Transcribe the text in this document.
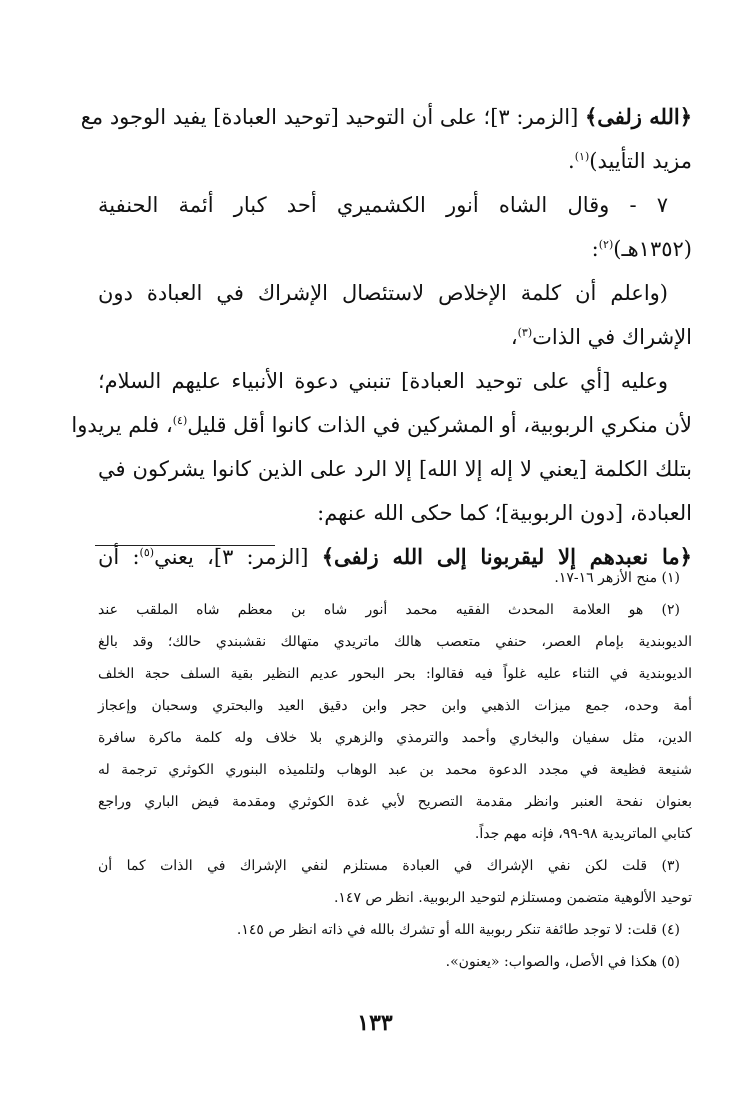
﴿الله زلفى﴾ [الزمر: ٣]؛ على أن التوحيد [توحيد العبادة] يفيد الوجود مع
مزيد التأييد)$^{(١)}$.
٧ - وقال الشاه أنور الكشميري أحد كبار أئمة الحنفية
(١٣٥٢هـ)$^{(٢)}$:
(واعلم أن كلمة الإخلاص لاستئصال الإشراك في العبادة دون
الإشراك في الذات$^{(٣)}$،
وعليه [أي على توحيد العبادة] تنبني دعوة الأنبياء عليهم السلام؛
لأن منكري الربوبية، أو المشركين في الذات كانوا أقل قليل$^{(٤)}$، فلم يريدوا
بتلك الكلمة [يعني لا إله إلا الله] إلا الرد على الذين كانوا يشركون في
العبادة، [دون الربوبية]؛ كما حكى الله عنهم:
﴿ما نعبدهم إلا ليقربونا إلى الله زلفى﴾ [الزمر: ٣]، يعني$^{(٥)}$: أن
(١) منح الأزهر ١٦-١٧.
(٢) هو العلامة المحدث الفقيه محمد أنور شاه بن معظم شاه الملقب عند
الديوبندية بإمام العصر، حنفي متعصب هالك ماتريدي متهالك نقشبندي حالك؛ وقد بالغ
الديوبندية في الثناء عليه غلواً فيه فقالوا: بحر البحور عديم النظير بقية السلف حجة الخلف
أمة وحده، جمع ميزات الذهبي وابن حجر وابن دقيق العيد والبحتري وسحبان وإعجاز
الدين، مثل سفيان والبخاري وأحمد والترمذي والزهري بلا خلاف وله كلمة ماكرة سافرة
شنيعة فظيعة في مجدد الدعوة محمد بن عبد الوهاب ولتلميذه البنوري الكوثري ترجمة له
بعنوان نفحة العنبر وانظر مقدمة التصريح لأبي غدة الكوثري ومقدمة فيض الباري وراجع
كتابي الماتريدية ٩٨-٩٩، فإنه مهم جداً.
(٣) قلت لكن نفي الإشراك في العبادة مستلزم لنفي الإشراك في الذات كما أن
توحيد الألوهية متضمن ومستلزم لتوحيد الربوبية. انظر ص ١٤٧.
(٤) قلت: لا توجد طائفة تنكر ربوبية الله أو تشرك بالله في ذاته انظر ص ١٤٥.
(٥) هكذا في الأصل، والصواب: «يعنون».
١٣٣
